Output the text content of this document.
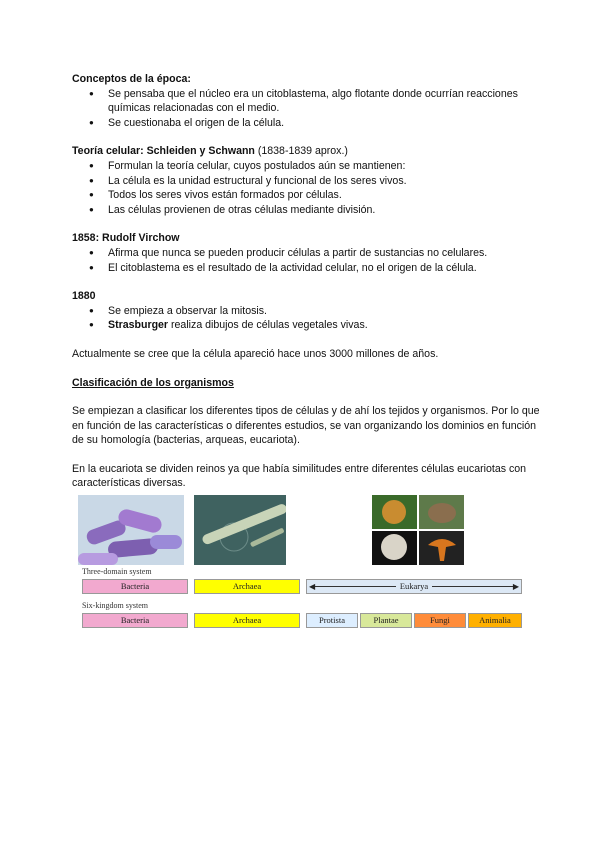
Conceptos de la época:
● Se pensaba que el núcleo era un citoblastema, algo flotante donde ocurrían reacciones químicas relacionadas con el medio.
● Se cuestionaba el origen de la célula.
Teoría celular: Schleiden y Schwann (1838-1839 aprox.)
● Formulan la teoría celular, cuyos postulados aún se mantienen:
● La célula es la unidad estructural y funcional de los seres vivos.
● Todos los seres vivos están formados por células.
● Las células provienen de otras células mediante división.
1858: Rudolf Virchow
● Afirma que nunca se pueden producir células a partir de sustancias no celulares.
● El citoblastema es el resultado de la actividad celular, no el origen de la célula.
1880
● Se empieza a observar la mitosis.
● Strasburger realiza dibujos de células vegetales vivas.
Actualmente se cree que la célula apareció hace unos 3000 millones de años.
Clasificación de los organismos
Se empiezan a clasificar los diferentes tipos de células y de ahí los tejidos y organismos. Por lo que en función de las características o diferentes estudios, se van organizando los dominios en función de su homología (bacterias, arqueas, eucariota).
En la eucariota se dividen reinos ya que había similitudes entre diferentes células eucariotas con características diversas.
Three-domain system
Bacteria	Archaea	◀	▶
Eukarya
Six-kingdom system
Bacteria	Archaea	Protista	Plantae	Fungi	Animalia
